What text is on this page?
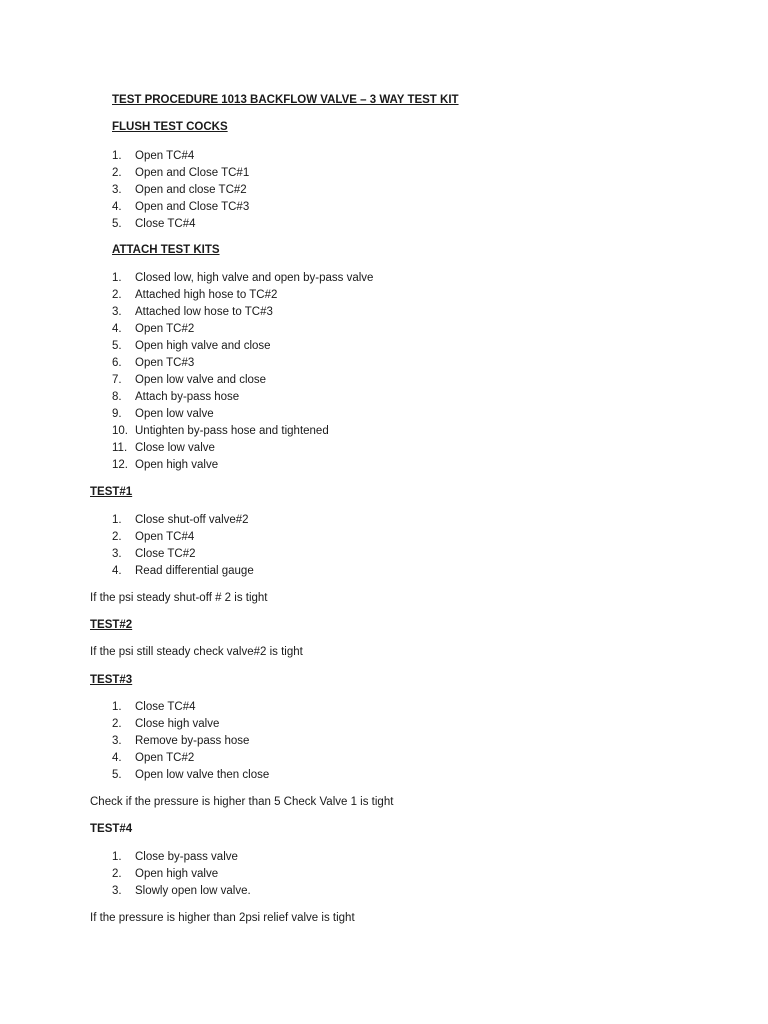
TEST PROCEDURE 1013 BACKFLOW VALVE – 3 WAY TEST KIT
FLUSH TEST COCKS
1. Open TC#4
2. Open and Close TC#1
3. Open and close TC#2
4. Open and Close TC#3
5. Close TC#4
ATTACH TEST KITS
1. Closed low, high valve and open by-pass valve
2. Attached high hose to TC#2
3. Attached low hose to TC#3
4. Open TC#2
5. Open high valve and close
6. Open TC#3
7. Open low valve and close
8. Attach by-pass hose
9. Open low valve
10. Untighten by-pass hose and tightened
11. Close low valve
12. Open high valve
TEST#1
1. Close shut-off valve#2
2. Open TC#4
3. Close TC#2
4. Read differential gauge
If the psi steady shut-off # 2 is tight
TEST#2
If the psi still steady check valve#2 is tight
TEST#3
1. Close TC#4
2. Close high valve
3. Remove by-pass hose
4. Open TC#2
5. Open low valve then close
Check if the pressure is higher than 5 Check Valve 1 is tight
TEST#4
1. Close by-pass valve
2. Open high valve
3. Slowly open low valve.
If the pressure is higher than 2psi relief valve is tight
